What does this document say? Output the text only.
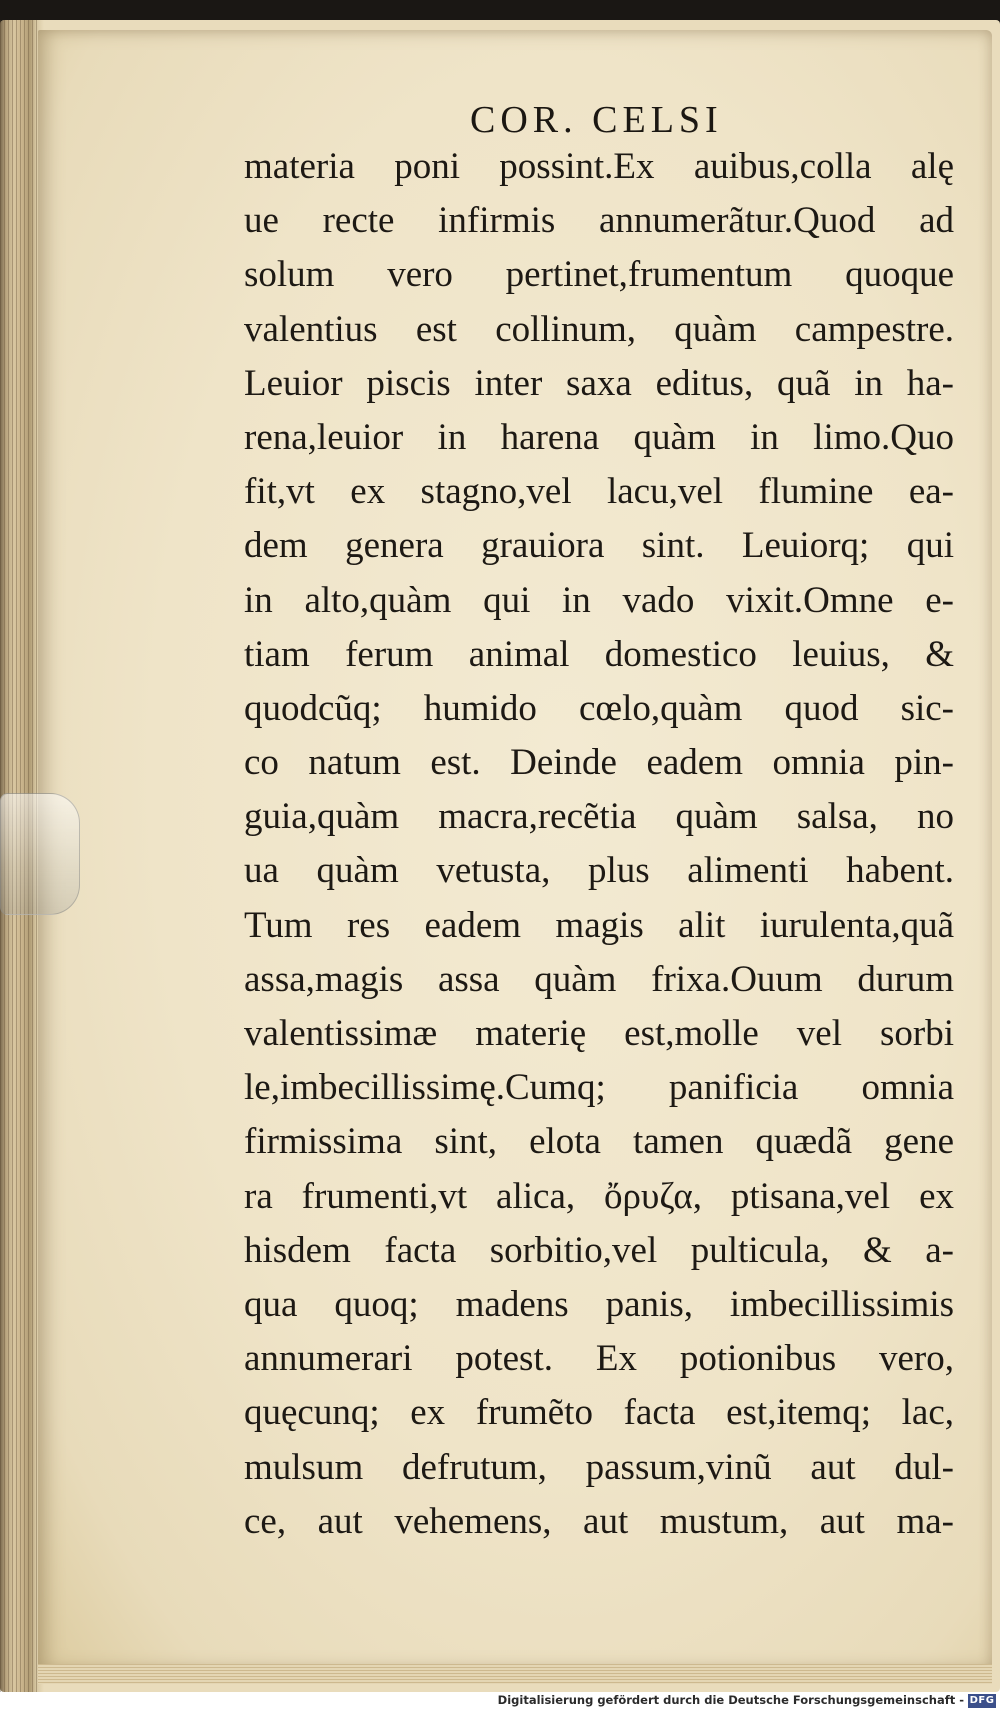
COR. CELSI
materia poni possint.Ex auibus,colla alę
ue recte infirmis annumerãtur.Quod ad
solum vero pertinet,frumentum quoque
valentius est collinum, quàm campestre.
Leuior piscis inter saxa editus, quã in ha-
rena,leuior in harena quàm in limo.Quo
fit,vt ex stagno,vel lacu,vel flumine ea-
dem genera grauiora sint. Leuiorq; qui
in alto,quàm qui in vado vixit.Omne e-
tiam ferum animal domestico leuius, &
quodcũq; humido cœlo,quàm quod sic-
co natum est. Deinde eadem omnia pin-
guia,quàm macra,recẽtia quàm salsa, no
ua quàm vetusta, plus alimenti habent.
Tum res eadem magis alit iurulenta,quã
assa,magis assa quàm frixa.Ouum durum
valentissimæ materię est,molle vel sorbi
le,imbecillissimę.Cumq; panificia omnia
firmissima sint, elota tamen quædã gene
ra frumenti,vt alica, ὄρυζα, ptisana,vel ex
hisdem facta sorbitio,vel pulticula, & a-
qua quoq; madens panis, imbecillissimis
annumerari potest. Ex potionibus vero,
quęcunq; ex frumẽto facta est,itemq; lac,
mulsum defrutum, passum,vinũ aut dul-
ce, aut vehemens, aut mustum, aut ma-
Digitalisierung gefördert durch die Deutsche Forschungsgemeinschaft - DFG
